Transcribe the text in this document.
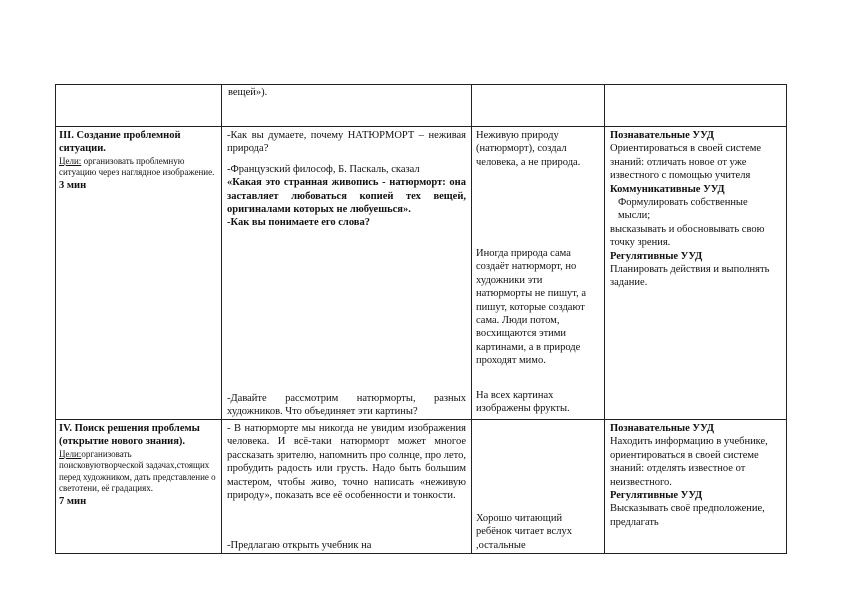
вещей»).
III. Создание проблемной ситуации.
Цели: организовать проблемную ситуацию через наглядное изображение.
3 мин
-Как вы думаете, почему НАТЮРМОРТ – неживая природа?
-Французский философ, Б. Паскаль, сказал
«Какая это странная живопись - натюрморт: она заставляет любоваться копией тех вещей, оригиналами которых не любуешься».
-Как вы понимаете его слова?
-Давайте рассмотрим натюрморты, разных художников. Что объединяет эти картины?
Неживую природу (натюрморт), создал человека, а не природа.
Иногда природа сама создаёт натюрморт, но художники эти натюрморты не пишут, а пишут, которые создают сама. Люди потом, восхищаются этими картинами, а в природе проходят мимо.
На всех картинах изображены фрукты.
Познавательные УУД
Ориентироваться в своей системе знаний: отличать новое от уже известного с помощью учителя
Коммуникативные УУД
Формулировать собственные мысли;
высказывать и обосновывать свою точку зрения.
Регулятивные УУД
Планировать действия и выполнять задание.
IV. Поиск решения проблемы (открытие нового знания).
Цели:организовать поисковуютворческой задачах,стоящих перед художником, дать представление о светотени, её градациях.
7 мин
- В натюрморте мы никогда не увидим изображения человека. И всё-таки натюрморт может многое рассказать зрителю, напомнить про солнце, про лето, пробудить радость или грусть. Надо быть большим мастером, чтобы живо, точно написать «неживую природу», показать все её особенности и тонкости.
-Предлагаю открыть учебник на
Хорошо читающий ребёнок читает вслух ,остальные
Познавательные УУД
Находить информацию в учебнике, ориентироваться в своей системе знаний: отделять известное от неизвестного.
Регулятивные УУД
Высказывать своё предположение, предлагать
